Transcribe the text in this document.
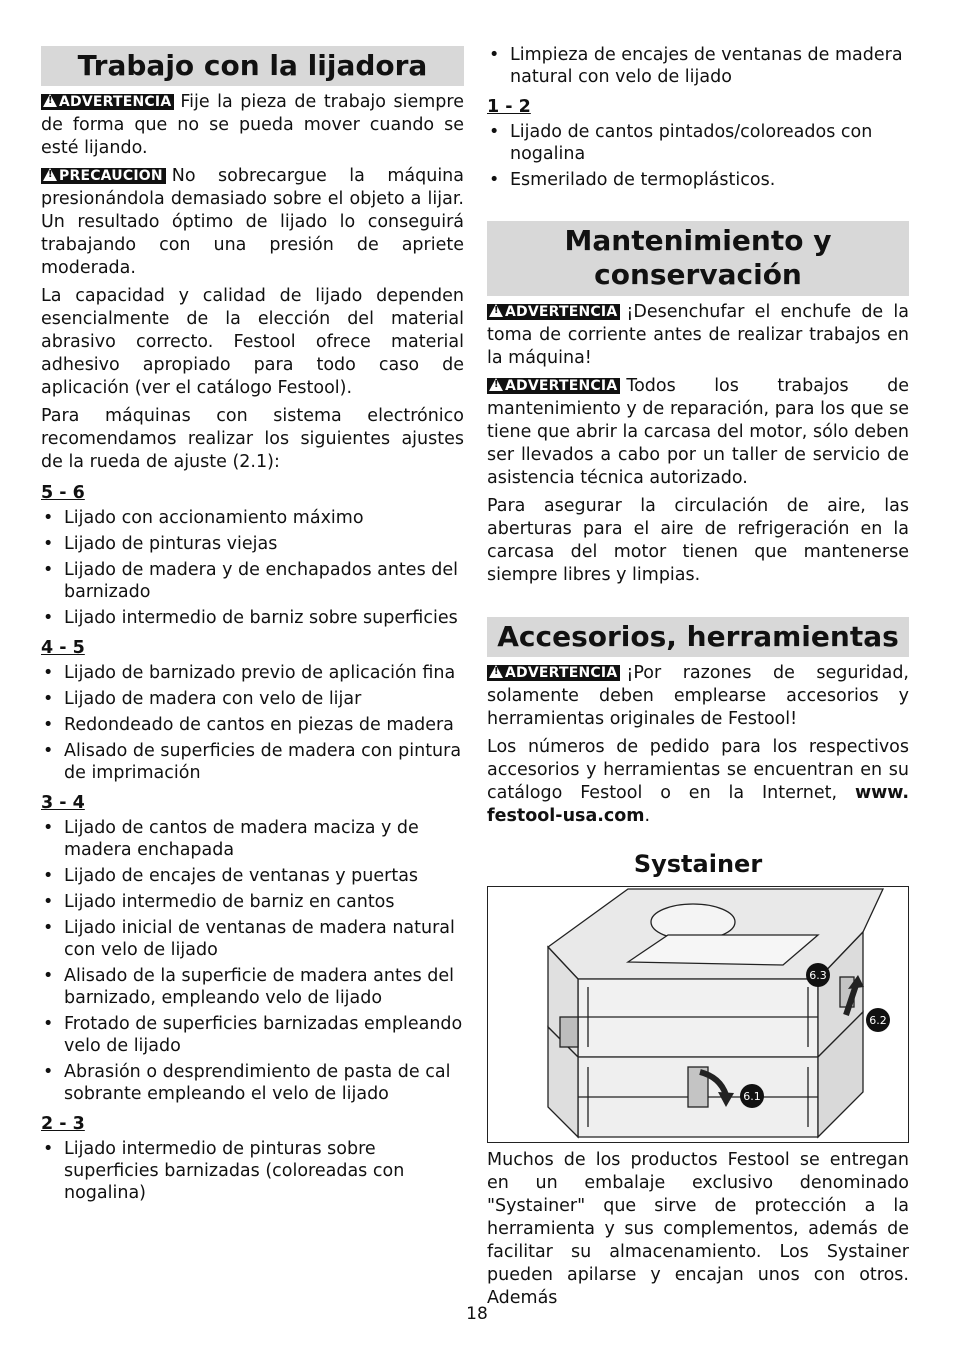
Trabajo con la lijadora

! ADVERTENCIA Fije la pieza de trabajo siempre de forma que no se pueda mover cuando se esté lijando.

! PRECAUCION No sobrecargue la máquina presionándola demasiado sobre el objeto a lijar. Un resultado óptimo de lijado lo conseguirá trabajando con una presión de apriete moderada.

La capacidad y calidad de lijado dependen esencialmente de la elección del material abrasivo correcto. Festool ofrece material adhesivo apropiado para todo caso de aplicación (ver el catálogo Festool).

Para máquinas con sistema electrónico recomendamos realizar los siguientes ajustes de la rueda de ajuste (2.1):

5 - 6
• Lijado con accionamiento máximo
• Lijado de pinturas viejas
• Lijado de madera y de enchapados antes del barnizado
• Lijado intermedio de barniz sobre superficies
4 - 5
• Lijado de barnizado previo de aplicación fina
• Lijado de madera con velo de lijar
• Redondeado de cantos en piezas de madera
• Alisado de superficies de madera con pintura de imprimación
3 - 4
• Lijado de cantos de madera maciza y de madera enchapada
• Lijado de encajes de ventanas y puertas
• Lijado intermedio de barniz en cantos
• Lijado inicial de ventanas de madera natural con velo de lijado
• Alisado de la superficie de madera antes del barnizado, empleando velo de lijado
• Frotado de superficies barnizadas empleando velo de lijado
• Abrasión o desprendimiento de pasta de cal sobrante empleando el velo de lijado
2 - 3
• Lijado intermedio de pinturas sobre superficies barnizadas (coloreadas con nogalina)
• Limpieza de encajes de ventanas de madera natural con velo de lijado
1 - 2
• Lijado de cantos pintados/coloreados con nogalina
• Esmerilado de termoplásticos.
Mantenimiento y
conservación

! ADVERTENCIA ¡Desenchufar el enchufe de la toma de corriente antes de realizar trabajos en la máquina!

! ADVERTENCIA Todos los trabajos de mantenimiento y de reparación, para los que se tiene que abrir la carcasa del motor, sólo deben ser llevados a cabo por un taller de servicio de asistencia técnica autorizado.

Para asegurar la circulación de aire, las aberturas para el aire de refrigeración en la carcasa del motor tienen que mantenerse siempre libres y limpias.

Accesorios, herramientas

! ADVERTENCIA ¡Por razones de seguridad, solamente deben emplearse accesorios y herramientas originales de Festool!

Los números de pedido para los respectivos accesorios y herramientas se encuentran en su catálogo Festool o en la Internet, www. festool-usa.com.

Systainer
6.3
6.2
6.1

Muchos de los productos Festool se entregan en un embalaje exclusivo denominado "Systainer" que sirve de protección a la herramienta y sus complementos, además de facilitar su almacenamiento. Los Systainer pueden apilarse y encajan unos con otros. Además

18
